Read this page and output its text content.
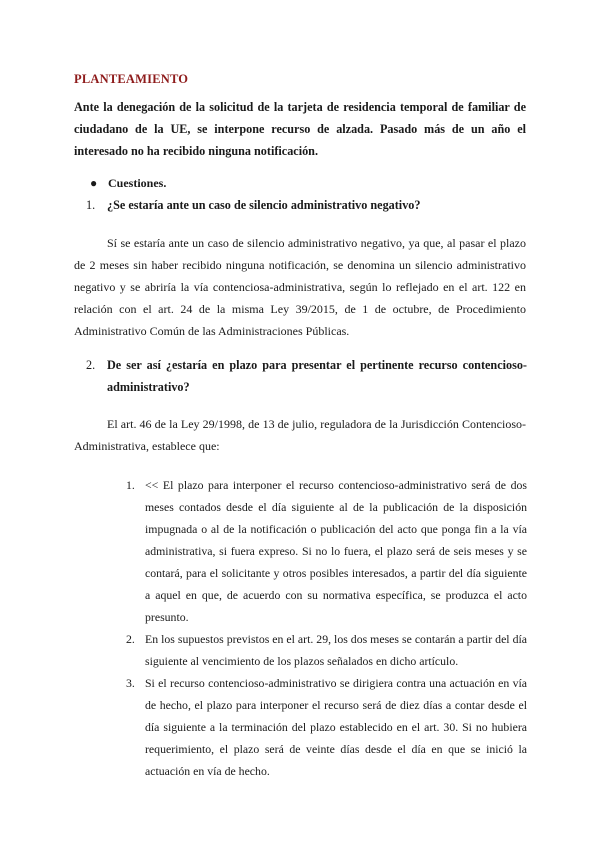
PLANTEAMIENTO
Ante la denegación de la solicitud de la tarjeta de residencia temporal de familiar de ciudadano de la UE, se interpone recurso de alzada. Pasado más de un año el interesado no ha recibido ninguna notificación.
● Cuestiones.
1. ¿Se estaría ante un caso de silencio administrativo negativo?
Sí se estaría ante un caso de silencio administrativo negativo, ya que, al pasar el plazo de 2 meses sin haber recibido ninguna notificación, se denomina un silencio administrativo negativo y se abriría la vía contenciosa-administrativa, según lo reflejado en el art. 122 en relación con el art. 24 de la misma Ley 39/2015, de 1 de octubre, de Procedimiento Administrativo Común de las Administraciones Públicas.
2. De ser así ¿estaría en plazo para presentar el pertinente recurso contencioso-administrativo?
El art. 46 de la Ley 29/1998, de 13 de julio, reguladora de la Jurisdicción Contencioso-Administrativa, establece que:
1. << El plazo para interponer el recurso contencioso-administrativo será de dos meses contados desde el día siguiente al de la publicación de la disposición impugnada o al de la notificación o publicación del acto que ponga fin a la vía administrativa, si fuera expreso. Si no lo fuera, el plazo será de seis meses y se contará, para el solicitante y otros posibles interesados, a partir del día siguiente a aquel en que, de acuerdo con su normativa específica, se produzca el acto presunto.
2. En los supuestos previstos en el art. 29, los dos meses se contarán a partir del día siguiente al vencimiento de los plazos señalados en dicho artículo.
3. Si el recurso contencioso-administrativo se dirigiera contra una actuación en vía de hecho, el plazo para interponer el recurso será de diez días a contar desde el día siguiente a la terminación del plazo establecido en el art. 30. Si no hubiera requerimiento, el plazo será de veinte días desde el día en que se inició la actuación en vía de hecho.
